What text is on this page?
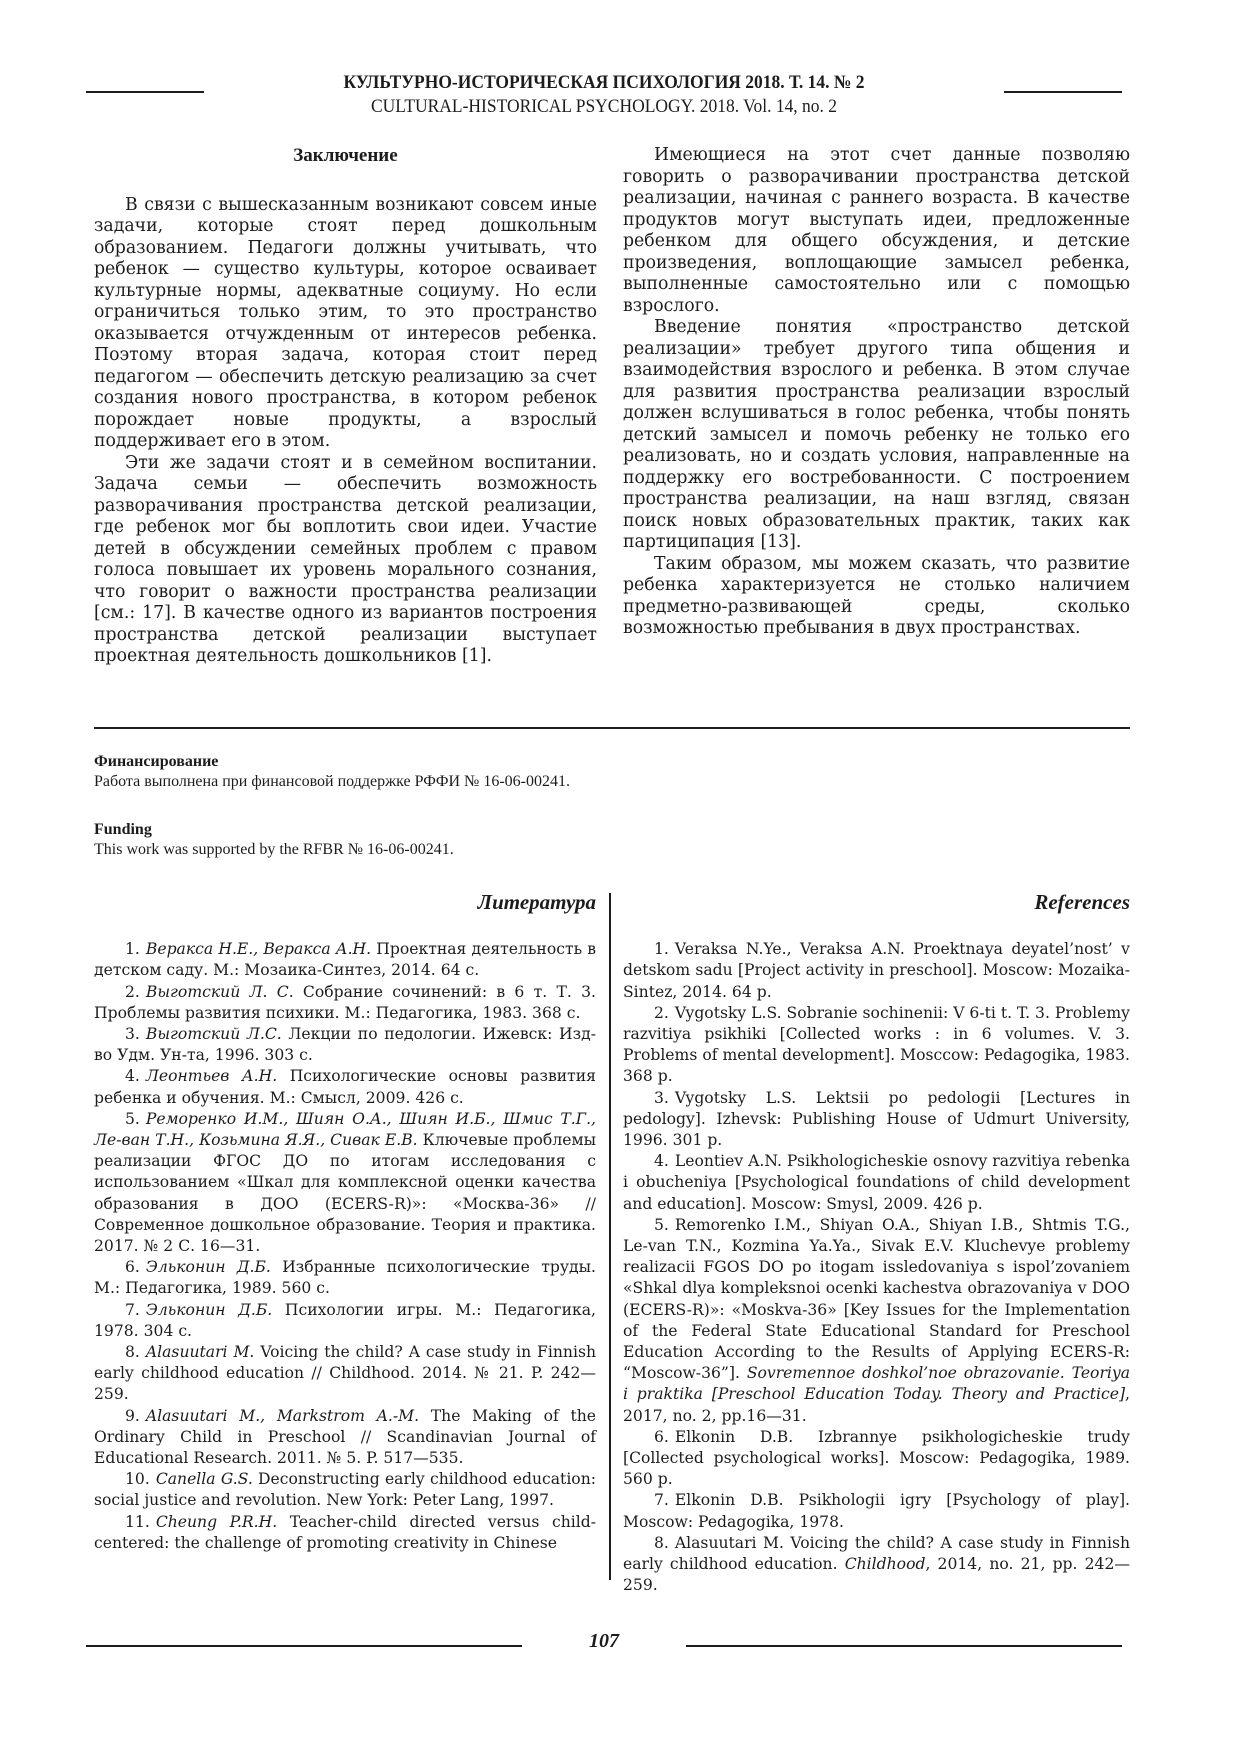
КУЛЬТУРНО-ИСТОРИЧЕСКАЯ ПСИХОЛОГИЯ 2018. Т. 14. № 2
CULTURAL-HISTORICAL PSYCHOLOGY. 2018. Vol. 14, no. 2
Заключение

В связи с вышесказанным возникают совсем иные задачи, которые стоят перед дошкольным образованием. Педагоги должны учитывать, что ребенок — существо культуры, которое осваивает культурные нормы, адекватные социуму. Но если ограничиться только этим, то это пространство оказывается отчужденным от интересов ребенка. Поэтому вторая задача, которая стоит перед педагогом — обеспечить детскую реализацию за счет создания нового пространства, в котором ребенок порождает новые продукты, а взрослый поддерживает его в этом.

Эти же задачи стоят и в семейном воспитании. Задача семьи — обеспечить возможность разворачивания пространства детской реализации, где ребенок мог бы воплотить свои идеи. Участие детей в обсуждении семейных проблем с правом голоса повышает их уровень морального сознания, что говорит о важности пространства реализации [см.: 17]. В качестве одного из вариантов построения пространства детской реализации выступает проектная деятельность дошкольников [1].

Имеющиеся на этот счет данные позволяю говорить о разворачивании пространства детской реализации, начиная с раннего возраста. В качестве продуктов могут выступать идеи, предложенные ребенком для общего обсуждения, и детские произведения, воплощающие замысел ребенка, выполненные самостоятельно или с помощью взрослого.

Введение понятия «пространство детской реализации» требует другого типа общения и взаимодействия взрослого и ребенка. В этом случае для развития пространства реализации взрослый должен вслушиваться в голос ребенка, чтобы понять детский замысел и помочь ребенку не только его реализовать, но и создать условия, направленные на поддержку его востребованности. С построением пространства реализации, на наш взгляд, связан поиск новых образовательных практик, таких как партиципация [13].

Таким образом, мы можем сказать, что развитие ребенка характеризуется не столько наличием предметно-развивающей среды, сколько возможностью пребывания в двух пространствах.

Финансирование
Работа выполнена при финансовой поддержке РФФИ № 16-06-00241.
Funding
This work was supported by the RFBR № 16-06-00241.
Литература

1. Веракса Н.Е., Веракса А.Н. Проектная деятельность в детском саду. М.: Мозаика-Синтез, 2014. 64 с.

2. Выготский Л. С. Собрание сочинений: в 6 т. Т. 3. Проблемы развития психики. М.: Педагогика, 1983. 368 с.

3. Выготский Л.С. Лекции по педологии. Ижевск: Изд-во Удм. Ун-та, 1996. 303 с.

4. Леонтьев А.Н. Психологические основы развития ребенка и обучения. М.: Смысл, 2009. 426 с.

5. Реморенко И.М., Шиян О.А., Шиян И.Б., Шмис Т.Г., Ле-ван Т.Н., Козьмина Я.Я., Сивак Е.В. Ключевые проблемы реализации ФГОС ДО по итогам исследования с использованием «Шкал для комплексной оценки качества образования в ДОО (ECERS-R)»: «Москва-36» // Современное дошкольное образование. Теория и практика. 2017. № 2 С. 16—31.

6. Эльконин Д.Б. Избранные психологические труды. М.: Педагогика, 1989. 560 с.

7. Эльконин Д.Б. Психологии игры. М.: Педагогика, 1978. 304 с.

8. Alasuutari M. Voicing the child? A case study in Finnish early childhood education // Childhood. 2014. № 21. P. 242—259.

9. Alasuutari M., Markstrom A.-M. The Making of the Ordinary Child in Preschool // Scandinavian Journal of Educational Research. 2011. № 5. P. 517—535.

10. Canella G.S. Deconstructing early childhood education: social justice and revolution. New York: Peter Lang, 1997.

11. Cheung P.R.H. Teacher-child directed versus child-centered: the challenge of promoting creativity in Chinese

References

1. Veraksa N.Ye., Veraksa A.N. Proektnaya deyatel’nost’ v detskom sadu [Project activity in preschool]. Moscow: Mozaika-Sintez, 2014. 64 p.

2. Vygotsky L.S. Sobranie sochinenii: V 6-ti t. T. 3. Problemy razvitiya psikhiki [Collected works : in 6 volumes. V. 3. Problems of mental development]. Mosccow: Pedagogika, 1983. 368 p.

3. Vygotsky L.S. Lektsii po pedologii [Lectures in pedology]. Izhevsk: Publishing House of Udmurt University, 1996. 301 p.

4. Leontiev A.N. Psikhologicheskie osnovy razvitiya rebenka i obucheniya [Psychological foundations of child development and education]. Moscow: Smysl, 2009. 426 p.

5. Remorenko I.M., Shiyan O.A., Shiyan I.B., Shtmis T.G., Le-van T.N., Kozmina Ya.Ya., Sivak E.V. Kluchevye problemy realizacii FGOS DO po itogam issledovaniya s ispol’zovaniem «Shkal dlya kompleksnoi ocenki kachestva obrazovaniya v DOO (ECERS-R)»: «Moskva-36» [Key Issues for the Implementation of the Federal State Educational Standard for Preschool Education According to the Results of Applying ECERS-R: “Moscow-36”]. Sovremennoe doshkol’noe obrazovanie. Teoriya i praktika [Preschool Education Today. Theory and Practice], 2017, no. 2, pp.16—31.

6. Elkonin D.B. Izbrannye psikhologicheskie trudy [Collected psychological works]. Moscow: Pedagogika, 1989. 560 p.

7. Elkonin D.B. Psikhologii igry [Psychology of play]. Moscow: Pedagogika, 1978.

8. Alasuutari M. Voicing the child? A case study in Finnish early childhood education. Childhood, 2014, no. 21, pp. 242—259.

107
